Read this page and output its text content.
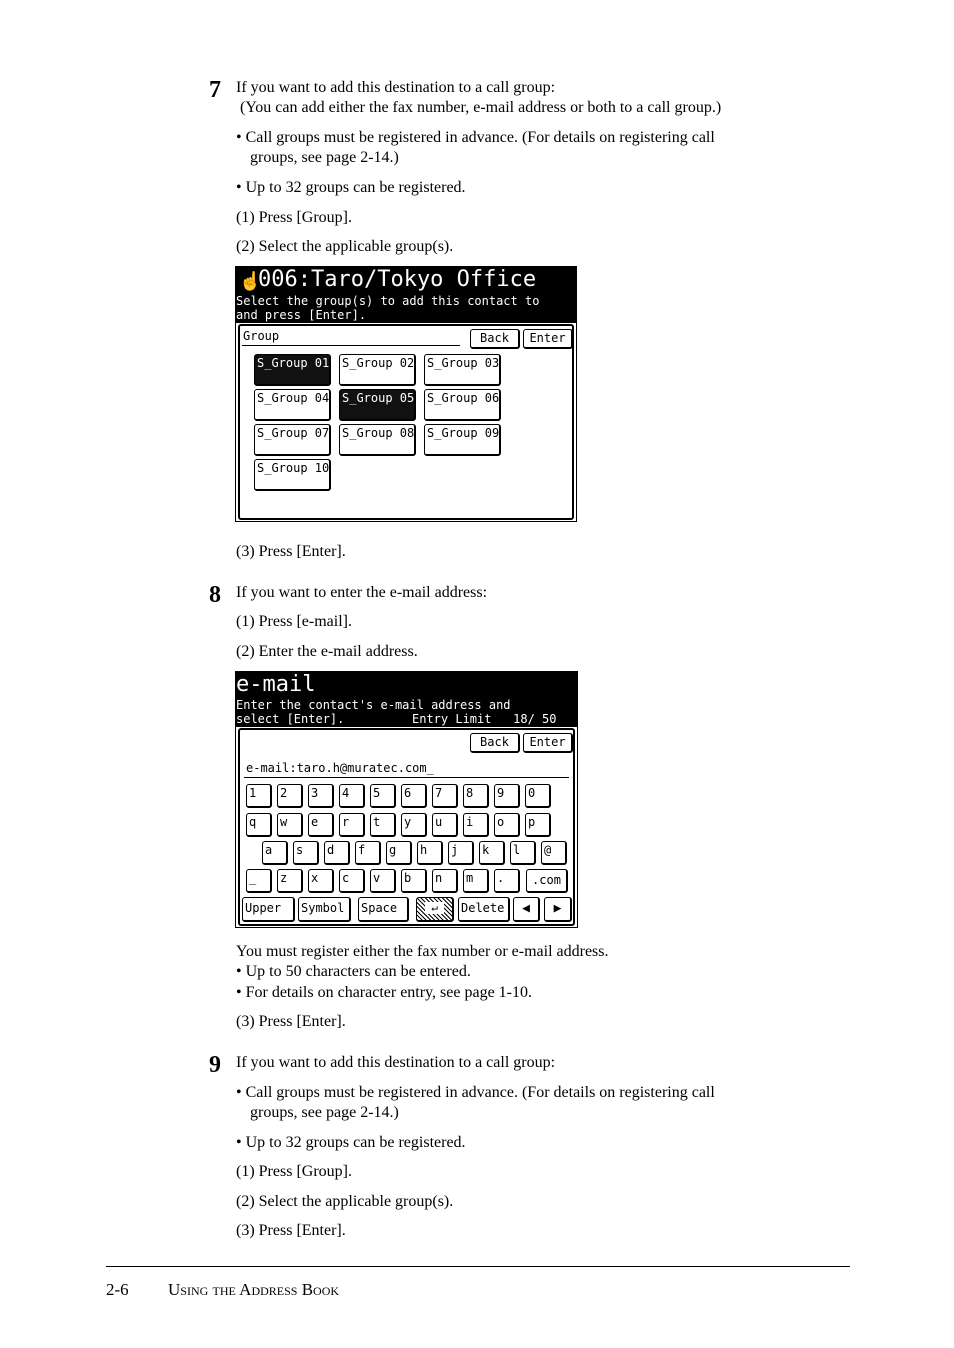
7 If you want to add this destination to a call group:
(You can add either the fax number, e-mail address or both to a call group.)
• Call groups must be registered in advance. (For details on registering call
groups, see page 2-14.)
• Up to 32 groups can be registered.
(1) Press [Group].
(2) Select the applicable group(s).
☝
006:Taro/Tokyo Office
Select the group(s) to add this contact to
and press [Enter].
Group	Back	Enter
S_Group 01 S_Group 02 S_Group 03
S_Group 04 S_Group 05 S_Group 06
S_Group 07 S_Group 08 S_Group 09
S_Group 10
(3) Press [Enter].
8 If you want to enter the e-mail address:
(1) Press [e-mail].
(2) Enter the e-mail address.
e-mail
Enter the contact's e-mail address and
select [Enter].	Entry Limit   18/ 50
Back	Enter
e-mail:taro.h@muratec.com_
1	2	3	4	5	6	7	8	9	0
q	w	e	r	t	y	u	i	o	p
a	s	d	f	g	h	j	k	l	@
_	z	x	c	v	b	n	m	.	.com
Upper	Symbol	Space	↵	Delete	◀	▶
You must register either the fax number or e-mail address.
• Up to 50 characters can be entered.
• For details on character entry, see page 1-10.
(3) Press [Enter].
9 If you want to add this destination to a call group:
• Call groups must be registered in advance. (For details on registering call
groups, see page 2-14.)
• Up to 32 groups can be registered.
(1) Press [Group].
(2) Select the applicable group(s).
(3) Press [Enter].
2-6 Using the Address Book
